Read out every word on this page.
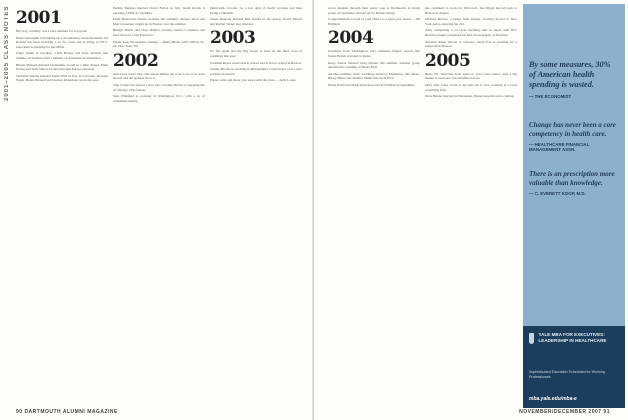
2001–2005 CLASS NOTES 2001
Hey hey, certainly was a busy summer for everyone!
Elena Gheorghiu is finishing up a documentary about Romania. Ed Roman has been traveling a lot for work and is living in NYC. Gina Rath is studying for her MBA.
Jenny Alden is teaching. Chris Barnes and Kate married this summer in Vermont with a number of classmates in attendance.
Hunter Pinhorn married Clementine Gould in a little chapel. Ellen Ewing and Nick Sutton traveled through Europe and Asia.
Christina Tsuang married Justin Wolf in July in Colorado. Rosalyn Nagle, Helen Driskell and Lindsey Ridenhour are in the area.
Debbie Berman married David Fulton in July. Sarah Kozak is pursuing a PhD at Columbia.
Erika Halvorsen started working this summer. Andrea Zhou and Matt Grossman caught up in Boston over the summer.
Bridget Parker and Nora Dunbar recently started a business and have moved to San Francisco.
Please keep the updates coming! —Maria Blum, 4201 Willow St., #4, New York, NY
2002
And we're back! The class keeps hitting the road. Lots of us have moved and the updates show it.
Tom Calder has started a new job. Caroline Davies is enjoying life in Chicago with friends.
Sam Whitfield is working in Washington, D.C., with a lot of classmates nearby.
Dubrovnik, Croatia, for a few days of beach vacation and then flying to Munich.
Susan Peterson married Ben Arnold in the spring. Kevin Morris and Rachel Turner also married.
2003
It's fall again and the Big Green is back on the field. Lots of weddings this year.
Jonathan Reyes went back to school and is in law school in Boston.
Natalie Brooks is teaching in Philadelphia. Liam Foster took a new position in Seattle.
Please write and share your news with the class. —Amy Lopez
90 DARTMOUTH ALUMNI MAGAZINE
seven students through their senior year at Dartmouth. A strong group of classmates showed up for Homecoming.
Congratulations to both of you! Here's to a great year ahead. —Jill Halligan
2004
Greetings from Washington, DC! Adrienne Draper reports that Susan Barrett traveled to Spain.
Kerry Alston married Greg Warner this summer. Another group attended the wedding of Becky Holt.
Another summer, more weddings. Rebecca Ehrichsen, Julie Reno, Hilary Baker and Jennifer Miller met up in NYC.
Emily Klein and Mark Robertson wed in Vermont in September.
has continued to work for Microsoft. Jen Myget moved back to Boston in August.
Michael Brewer, a hedge fund analyst, recently moved to New York and is enjoying the city.
After completing a two-year teaching stint in Japan with JET, Brandon Jaeger completed his MA in Geography at Stanford.
Amanda Anner moved to Chicago. Sarah Fox is working for a nonprofit in Boston.
2005
Hello '05, Welcome back again to your Class News. And a big thanks to everyone who submitted news.
Mary Ann Jones wrote to me that she is now working at a local consulting firm.
Dave Hunter married in Nantucket. Please keep the news coming.
By some measures, 30% of American health spending is wasted.
— THE ECONOMIST
Change has never been a core competency in health care.
— HEALTHCARE FINANCIAL MANAGEMENT ASSN.
There is an prescription more valuable than knowledge.
— C. EVERETT KOOP, M.D.
YALE MBA FOR EXECUTIVES: LEADERSHIP IN HEALTHCARE
Sophisticated Education Scheduled for Working Professionals
mba.yale.edu/mba-e
NOVEMBER/DECEMBER 2007 91
